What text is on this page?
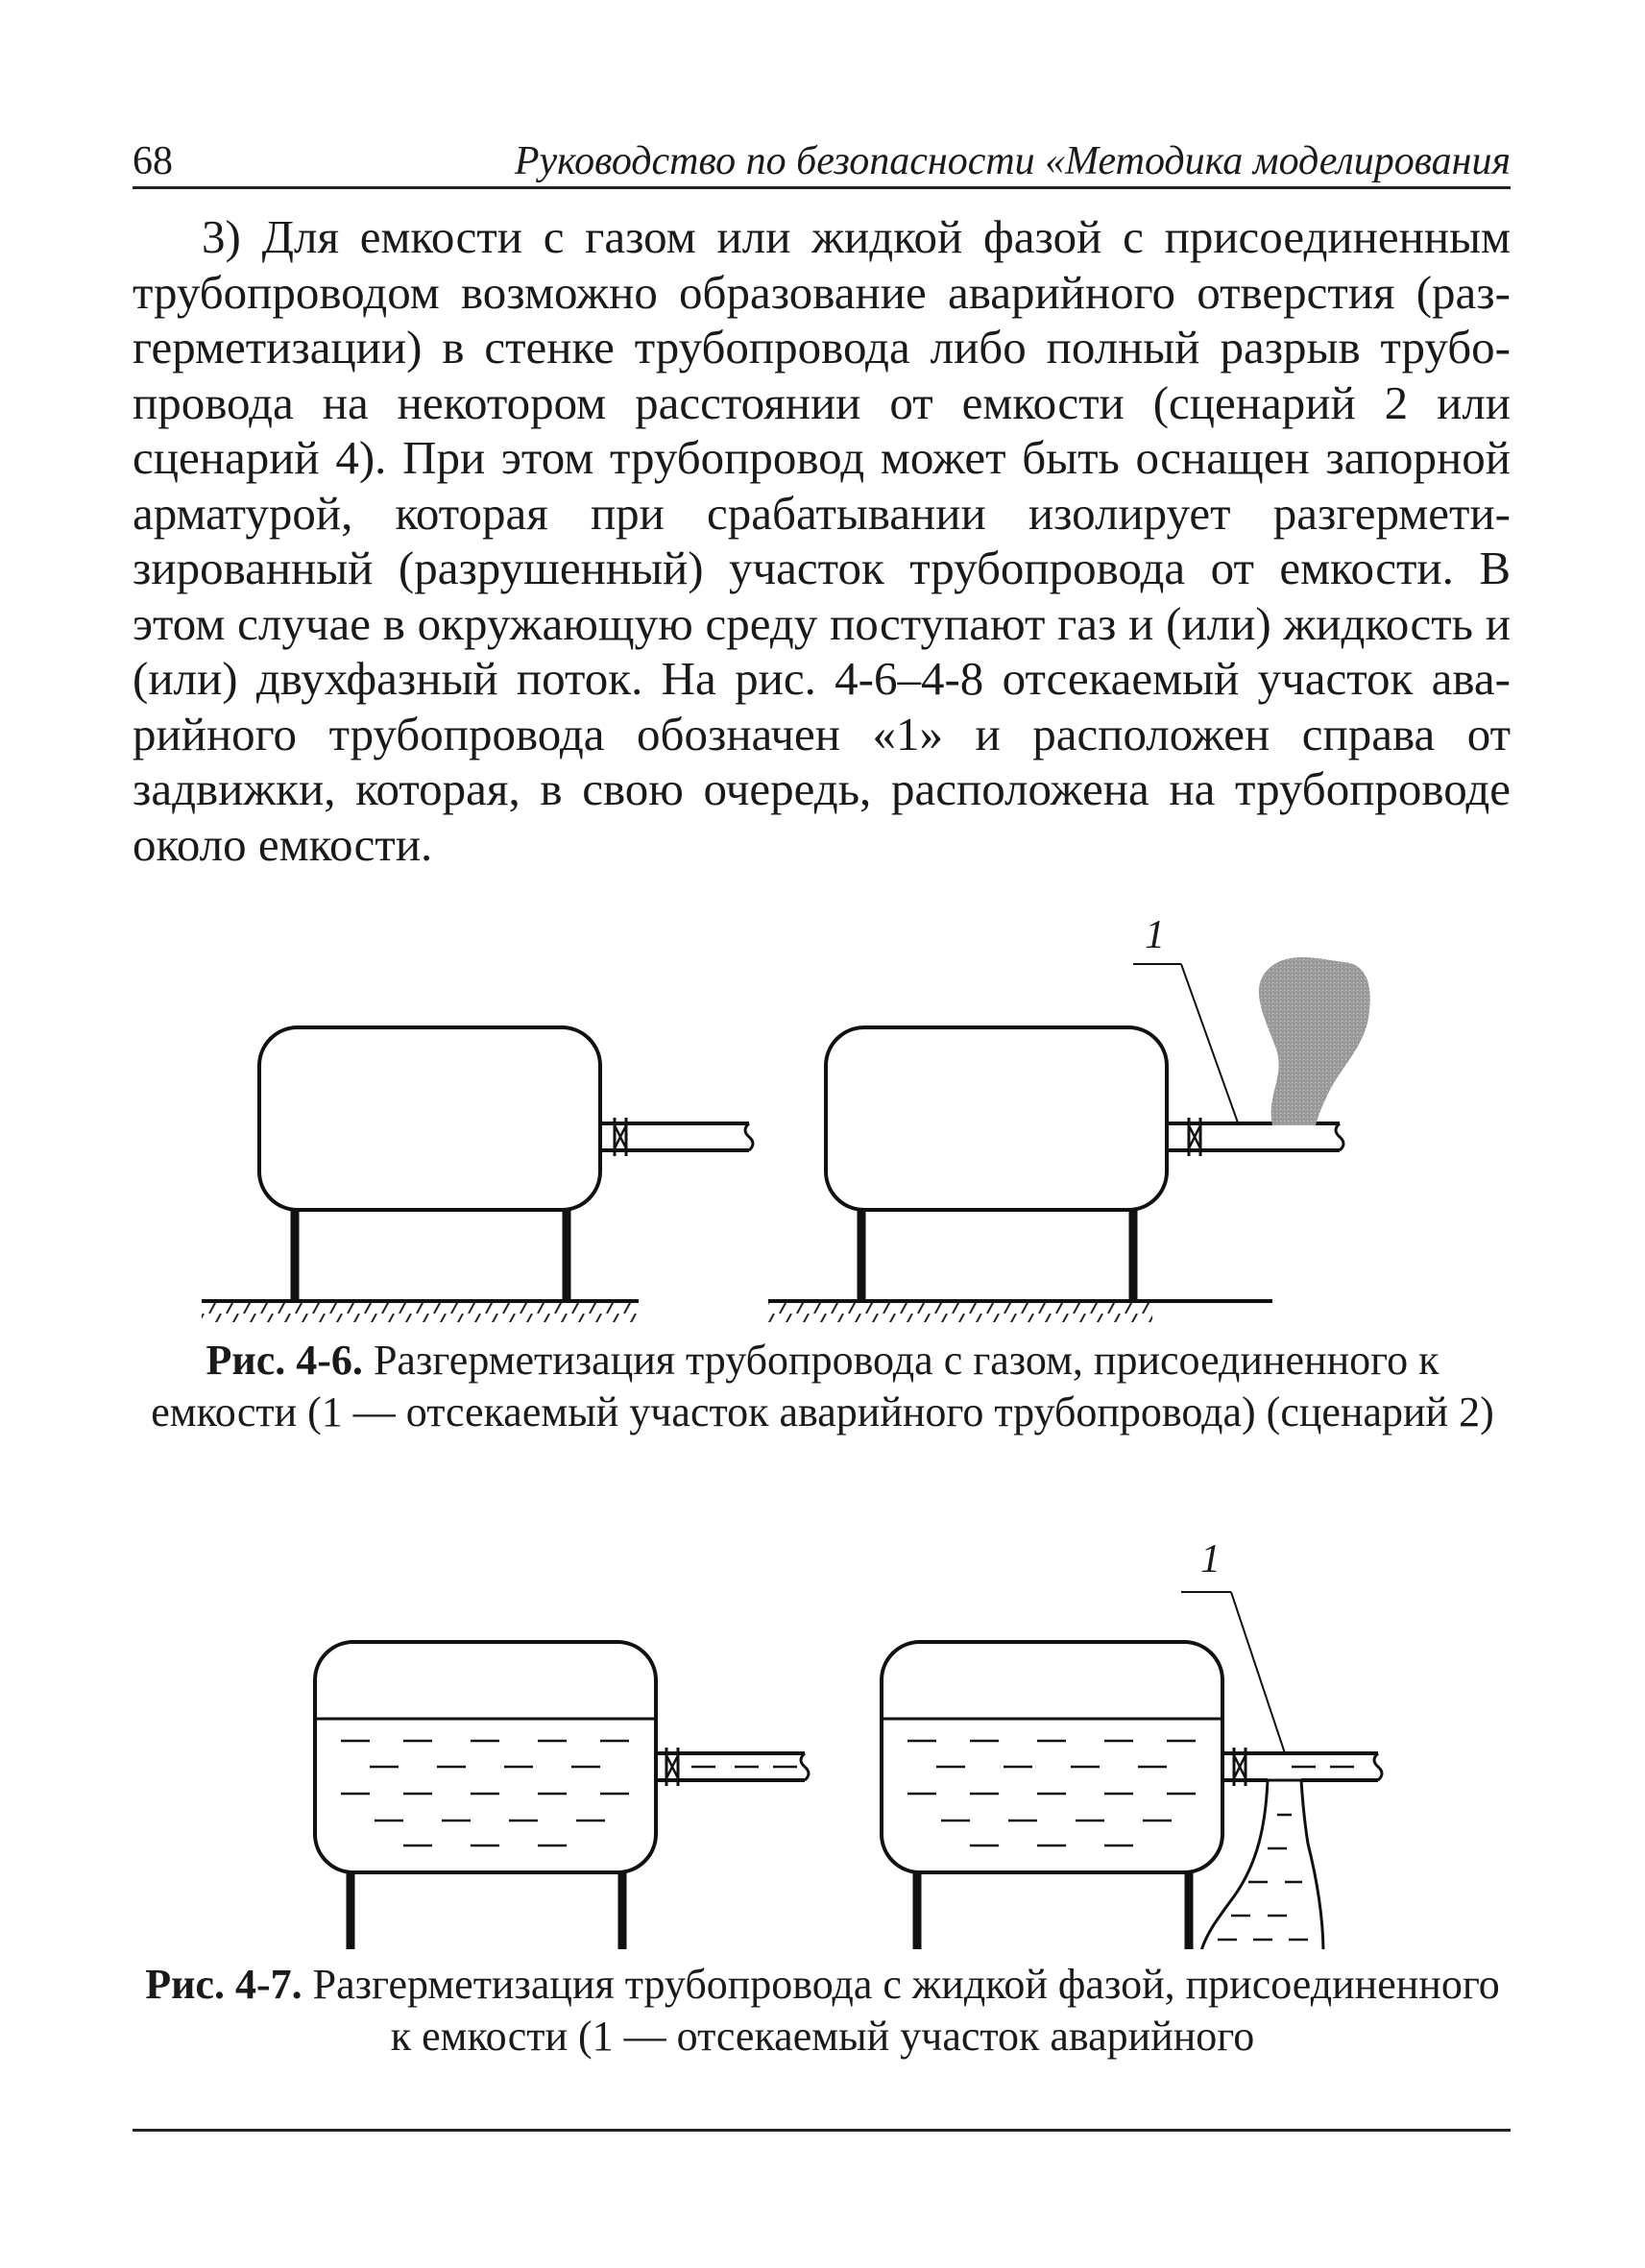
68	Руководство по безопасности «Методика моделирования

3) Для емкости с газом или жидкой фазой с присоединенным трубопроводом возможно образование аварийного отверстия (разгерметизации) в стенке трубопровода либо полный разрыв трубопровода на некотором расстоянии от емкости (сценарий 2 или сценарий 4). При этом трубопровод может быть оснащен запорной арматурой, которая при срабатывании изолирует разгерметизированный (разрушенный) участок трубопровода от емкости. В этом случае в окружающую среду поступают газ и (или) жидкость и (или) двухфазный поток. На рис. 4-6–4-8 отсекаемый участок аварийного трубопровода обозначен «1» и расположен справа от задвижки, которая, в свою очередь, расположена на трубопроводе около емкости.

1

Рис. 4-6. Разгерметизация трубопровода с газом, присоединенного к емкости (1 — отсекаемый участок аварийного трубопровода) (сценарий 2)

1

Рис. 4-7. Разгерметизация трубопровода с жидкой фазой, присоединенного к емкости (1 — отсекаемый участок аварийного
